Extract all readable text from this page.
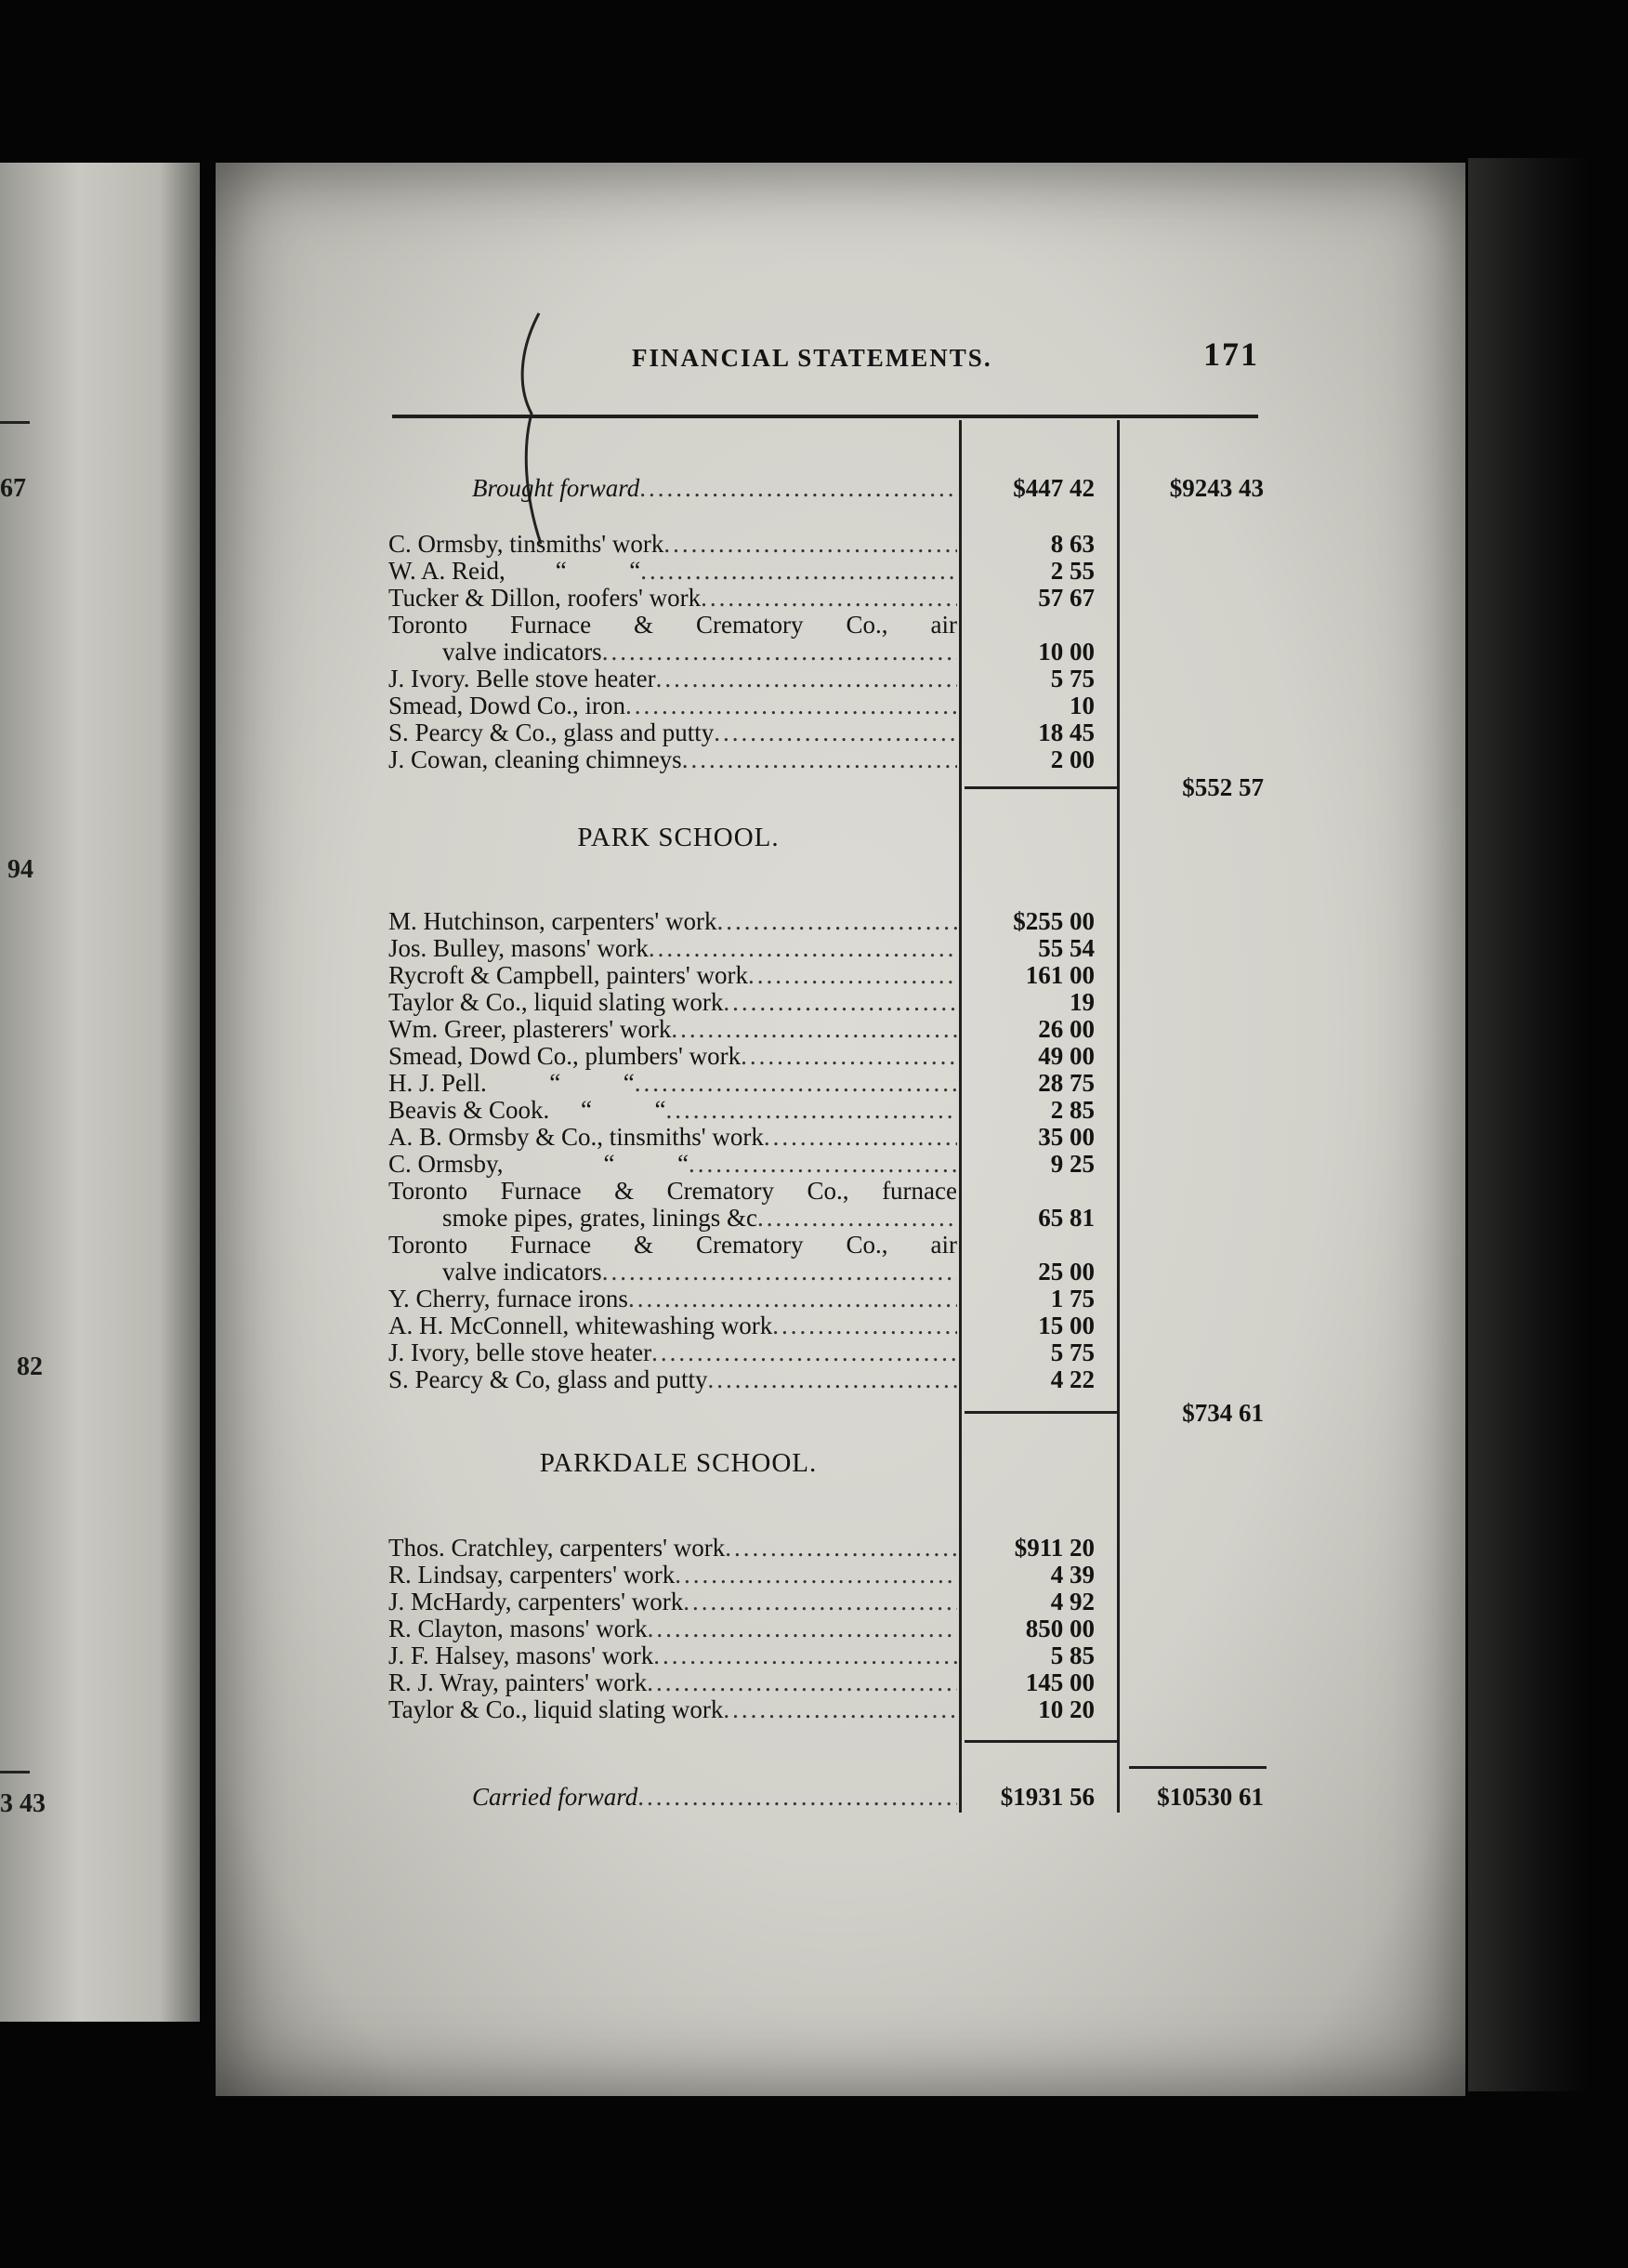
67
94
82
3 43
FINANCIAL STATEMENTS.	171
Brought forward .....	$447 42	$9243 43
C. Ormsby, tinsmiths' work .....	8 63
W. A. Reid,        “          “ .....	2 55
Tucker & Dillon, roofers' work .....	57 67
Toronto Furnace & Crematory Co., air
valve indicators .....	10 00
J. Ivory. Belle stove heater .....	5 75
Smead, Dowd Co., iron .....	10
S. Pearcy & Co., glass and putty .....	18 45
J. Cowan, cleaning chimneys .....	2 00
$552 57
PARK SCHOOL.
M. Hutchinson, carpenters' work .....	$255 00
Jos. Bulley, masons' work .....	55 54
Rycroft & Campbell, painters' work .....	161 00
Taylor & Co., liquid slating work .....	19
Wm. Greer, plasterers' work .....	26 00
Smead, Dowd Co., plumbers' work .....	49 00
H. J. Pell.          “          “ .....	28 75
Beavis & Cook.     “          “ .....	2 85
A. B. Ormsby & Co., tinsmiths' work .....	35 00
C. Ormsby,                “          “ .....	9 25
Toronto Furnace & Crematory Co., furnace
smoke pipes, grates, linings &c .....	65 81
Toronto Furnace & Crematory Co., air
valve indicators .....	25 00
Y. Cherry, furnace irons .....	1 75
A. H. McConnell, whitewashing work .....	15 00
J. Ivory, belle stove heater .....	5 75
S. Pearcy & Co, glass and putty .....	4 22
$734 61
PARKDALE SCHOOL.
Thos. Cratchley, carpenters' work .....	$911 20
R. Lindsay, carpenters' work .....	4 39
J. McHardy, carpenters' work .....	4 92
R. Clayton, masons' work .....	850 00
J. F. Halsey, masons' work .....	5 85
R. J. Wray, painters' work .....	145 00
Taylor & Co., liquid slating work .....	10 20
Carried forward .....	$1931 56	$10530 61
